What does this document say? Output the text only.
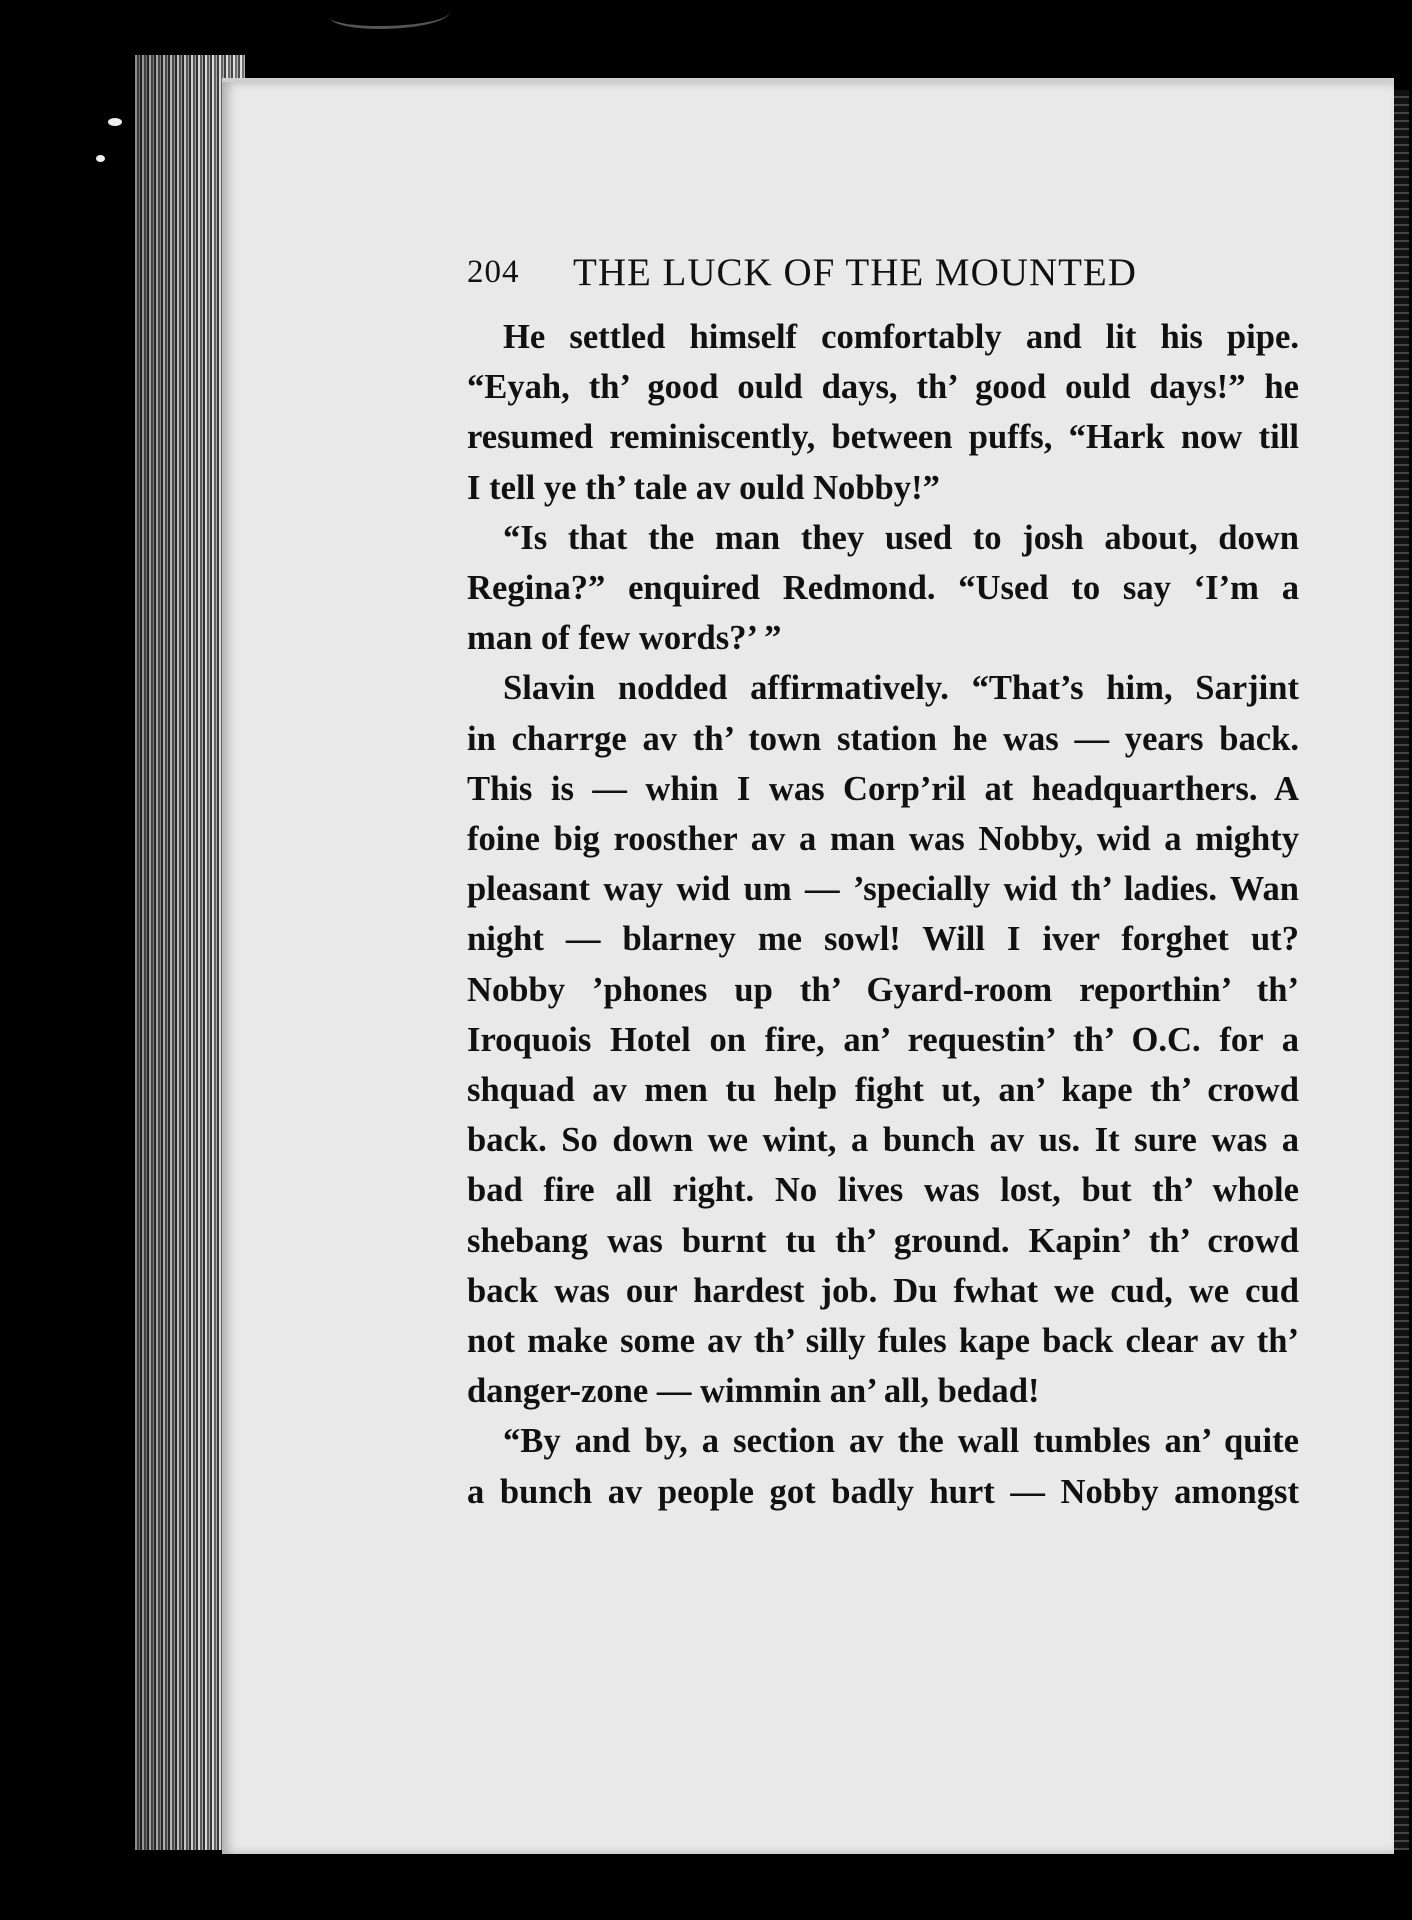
204 THE LUCK OF THE MOUNTED
He settled himself comfortably and lit his pipe.
“Eyah, th’ good ould days, th’ good ould days!” he
resumed reminiscently, between puffs, “Hark now till
I tell ye th’ tale av ould Nobby!”
“Is that the man they used to josh about, down
Regina?” enquired Redmond. “Used to say ‘I’m a
man of few words?’ ”
Slavin nodded affirmatively. “That’s him, Sarjint
in charrge av th’ town station he was — years back.
This is — whin I was Corp’ril at headquarthers. A
foine big roosther av a man was Nobby, wid a mighty
pleasant way wid um — ’specially wid th’ ladies. Wan
night — blarney me sowl! Will I iver forghet ut?
Nobby ’phones up th’ Gyard-room reporthin’ th’
Iroquois Hotel on fire, an’ requestin’ th’ O.C. for a
shquad av men tu help fight ut, an’ kape th’ crowd
back. So down we wint, a bunch av us. It sure was a
bad fire all right. No lives was lost, but th’ whole
shebang was burnt tu th’ ground. Kapin’ th’ crowd
back was our hardest job. Du fwhat we cud, we cud
not make some av th’ silly fules kape back clear av th’
danger-zone — wimmin an’ all, bedad!
“By and by, a section av the wall tumbles an’ quite
a bunch av people got badly hurt — Nobby amongst
